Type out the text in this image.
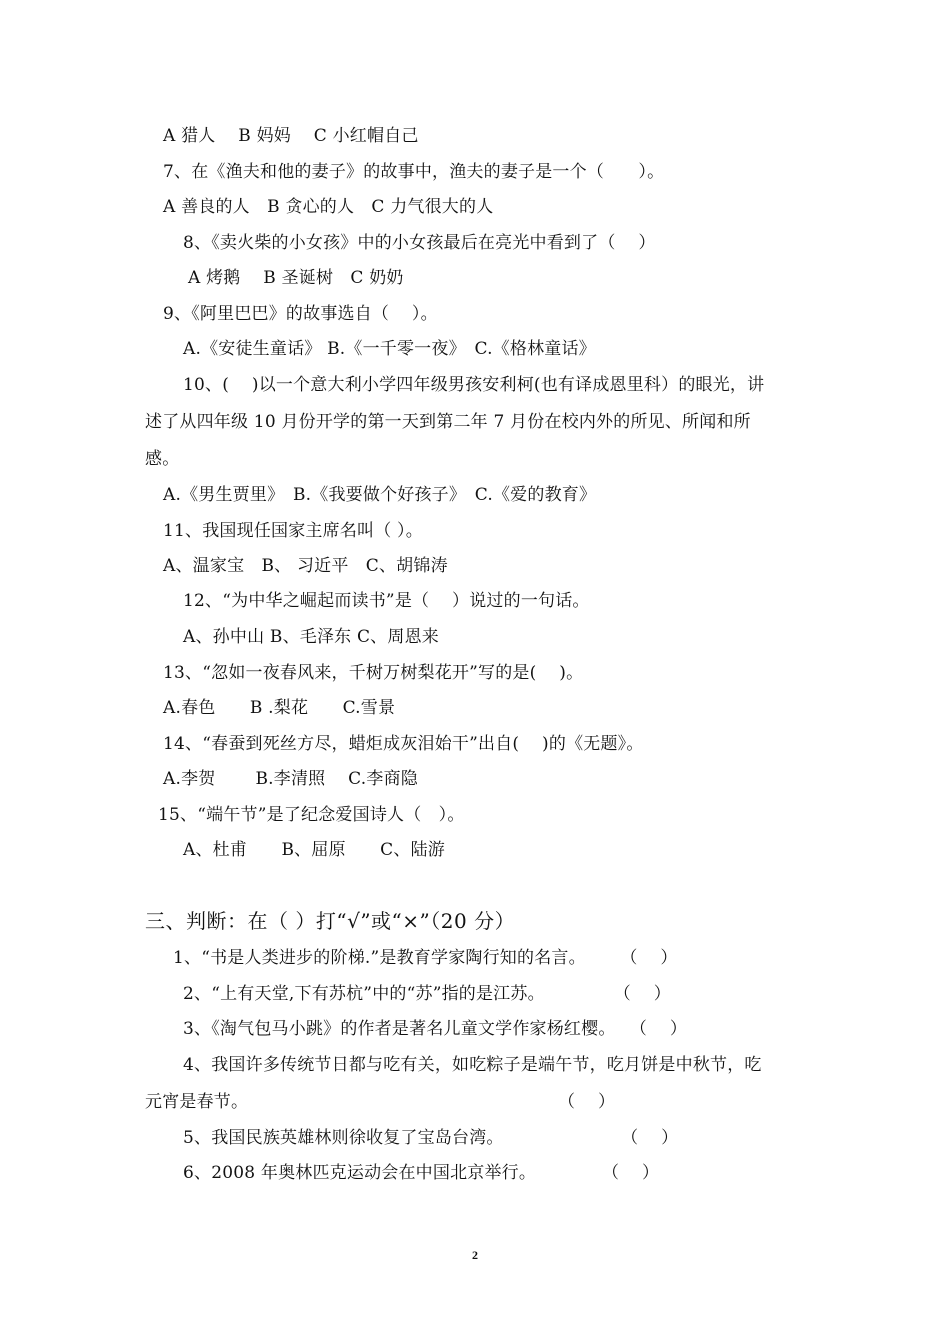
A 猎人　 B 妈妈　 C 小红帽自己
7、在《渔夫和他的妻子》的故事中，渔夫的妻子是一个（　　）。
A 善良的人　B 贪心的人　C 力气很大的人
8、《卖火柴的小女孩》中的小女孩最后在亮光中看到了（　 ）
A 烤鹅　 B 圣诞树　C 奶奶
9、《阿里巴巴》的故事选自（　 ）。
A.《安徒生童话》 B.《一千零一夜》　C.《格林童话》
10、(　 )以一个意大利小学四年级男孩安利柯(也有译成恩里科）的眼光，讲
述了从四年级 10 月份开学的第一天到第二年 7 月份在校内外的所见、所闻和所
感。
A.《男生贾里》　B.《我要做个好孩子》　C.《爱的教育》
11、我国现任国家主席名叫（ ）。
A、温家宝　B、 习近平　C、胡锦涛
12、“为中华之崛起而读书”是（　 ）说过的一句话。
A、孙中山 B、毛泽东 C、周恩来
13、“忽如一夜春风来，千树万树梨花开”写的是(　 )。
A.春色　　B .梨花　　C.雪景
14、“春蚕到死丝方尽，蜡炬成灰泪始干”出自(　 )的《无题》。
A.李贺　　 B.李清照　 C.李商隐
15、“端午节”是了纪念爱国诗人（　）。
A、杜甫　　B、屈原　　C、陆游
三、判断：在（ ）打“√”或“×”（20 分）
1、“书是人类进步的阶梯.”是教育学家陶行知的名言。　　　（　 ）
2、“上有天堂,下有苏杭”中的“苏”指的是江苏。　　　　　（　 ）
3、《淘气包马小跳》的作者是著名儿童文学作家杨红樱。　 （　 ）
4、我国许多传统节日都与吃有关，如吃粽子是端午节，吃月饼是中秋节，吃
元宵是春节。　　　　　　　　　　　　　　　　　　　（　 ）
5、我国民族英雄林则徐收复了宝岛台湾。　　　　　　　 （　 ）
6、2008 年奥林匹克运动会在中国北京举行。　　　　 （　 ）
2
